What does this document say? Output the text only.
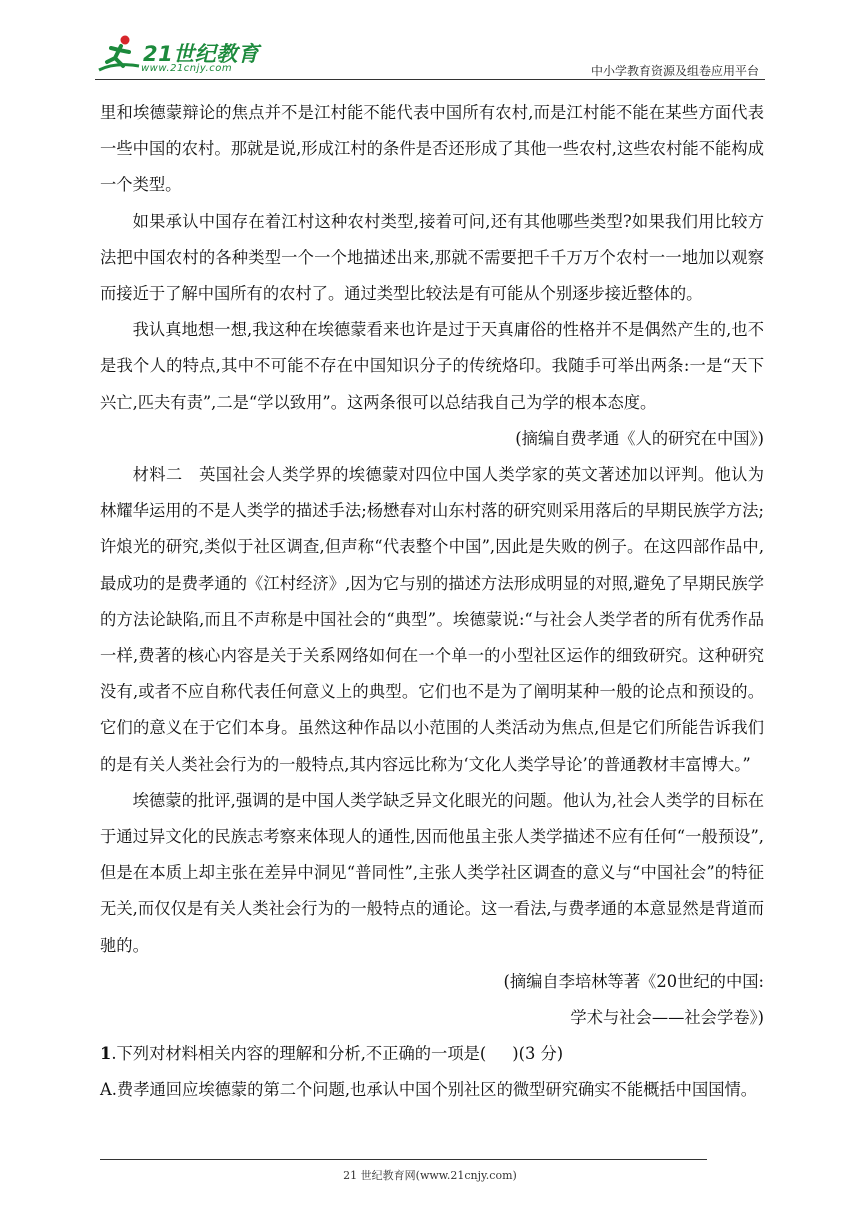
21世纪教育
www.21cnjy.com	中小学教育资源及组卷应用平台

里和埃德蒙辩论的焦点并不是江村能不能代表中国所有农村,而是江村能不能在某些方面代表一些中国的农村。那就是说,形成江村的条件是否还形成了其他一些农村,这些农村能不能构成一个类型。

如果承认中国存在着江村这种农村类型,接着可问,还有其他哪些类型?如果我们用比较方法把中国农村的各种类型一个一个地描述出来,那就不需要把千千万万个农村一一地加以观察而接近于了解中国所有的农村了。通过类型比较法是有可能从个别逐步接近整体的。

我认真地想一想,我这种在埃德蒙看来也许是过于天真庸俗的性格并不是偶然产生的,也不是我个人的特点,其中不可能不存在中国知识分子的传统烙印。我随手可举出两条:一是“天下兴亡,匹夫有责”,二是“学以致用”。这两条很可以总结我自己为学的根本态度。

(摘编自费孝通《人的研究在中国》)

材料二　英国社会人类学界的埃德蒙对四位中国人类学家的英文著述加以评判。他认为林耀华运用的不是人类学的描述手法;杨懋春对山东村落的研究则采用落后的早期民族学方法;许烺光的研究,类似于社区调查,但声称“代表整个中国”,因此是失败的例子。在这四部作品中,最成功的是费孝通的《江村经济》,因为它与别的描述方法形成明显的对照,避免了早期民族学的方法论缺陷,而且不声称是中国社会的“典型”。埃德蒙说:“与社会人类学者的所有优秀作品一样,费著的核心内容是关于关系网络如何在一个单一的小型社区运作的细致研究。这种研究没有,或者不应自称代表任何意义上的典型。它们也不是为了阐明某种一般的论点和预设的。它们的意义在于它们本身。虽然这种作品以小范围的人类活动为焦点,但是它们所能告诉我们的是有关人类社会行为的一般特点,其内容远比称为‘文化人类学导论’的普通教材丰富博大。”

埃德蒙的批评,强调的是中国人类学缺乏异文化眼光的问题。他认为,社会人类学的目标在于通过异文化的民族志考察来体现人的通性,因而他虽主张人类学描述不应有任何“一般预设”,但是在本质上却主张在差异中洞见“普同性”,主张人类学社区调查的意义与“中国社会”的特征无关,而仅仅是有关人类社会行为的一般特点的通论。这一看法,与费孝通的本意显然是背道而驰的。

(摘编自李培林等著《20世纪的中国:

学术与社会——社会学卷》)

1.下列对材料相关内容的理解和分析,不正确的一项是( )(3 分)

A.费孝通回应埃德蒙的第二个问题,也承认中国个别社区的微型研究确实不能概括中国国情。

21 世纪教育网(www.21cnjy.com)
